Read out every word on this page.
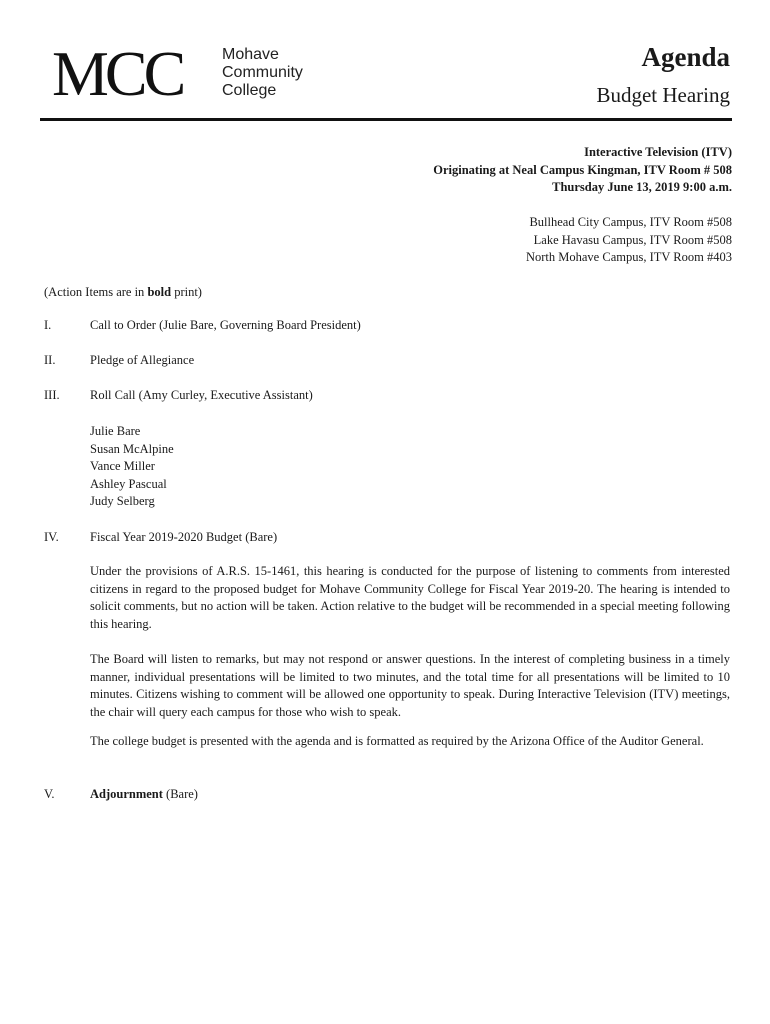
MCC Mohave
Community
College
Agenda
Budget Hearing
Interactive Television (ITV)
Originating at Neal Campus Kingman, ITV Room # 508
Thursday June 13, 2019 9:00 a.m.
Bullhead City Campus, ITV Room #508
Lake Havasu Campus, ITV Room #508
North Mohave Campus, ITV Room #403
(Action Items are in bold print)
I.	Call to Order (Julie Bare, Governing Board President)
II.	Pledge of Allegiance
III.	Roll Call (Amy Curley, Executive Assistant)
Julie Bare
Susan McAlpine
Vance Miller
Ashley Pascual
Judy Selberg
IV.	Fiscal Year 2019-2020 Budget (Bare)
Under the provisions of A.R.S. 15-1461, this hearing is conducted for the purpose of listening to comments from interested citizens in regard to the proposed budget for Mohave Community College for Fiscal Year 2019-20. The hearing is intended to solicit comments, but no action will be taken. Action relative to the budget will be recommended in a special meeting following this hearing.
The Board will listen to remarks, but may not respond or answer questions. In the interest of completing business in a timely manner, individual presentations will be limited to two minutes, and the total time for all presentations will be limited to 10 minutes. Citizens wishing to comment will be allowed one opportunity to speak. During Interactive Television (ITV) meetings, the chair will query each campus for those who wish to speak.
The college budget is presented with the agenda and is formatted as required by the Arizona Office of the Auditor General.
V.	Adjournment (Bare)
